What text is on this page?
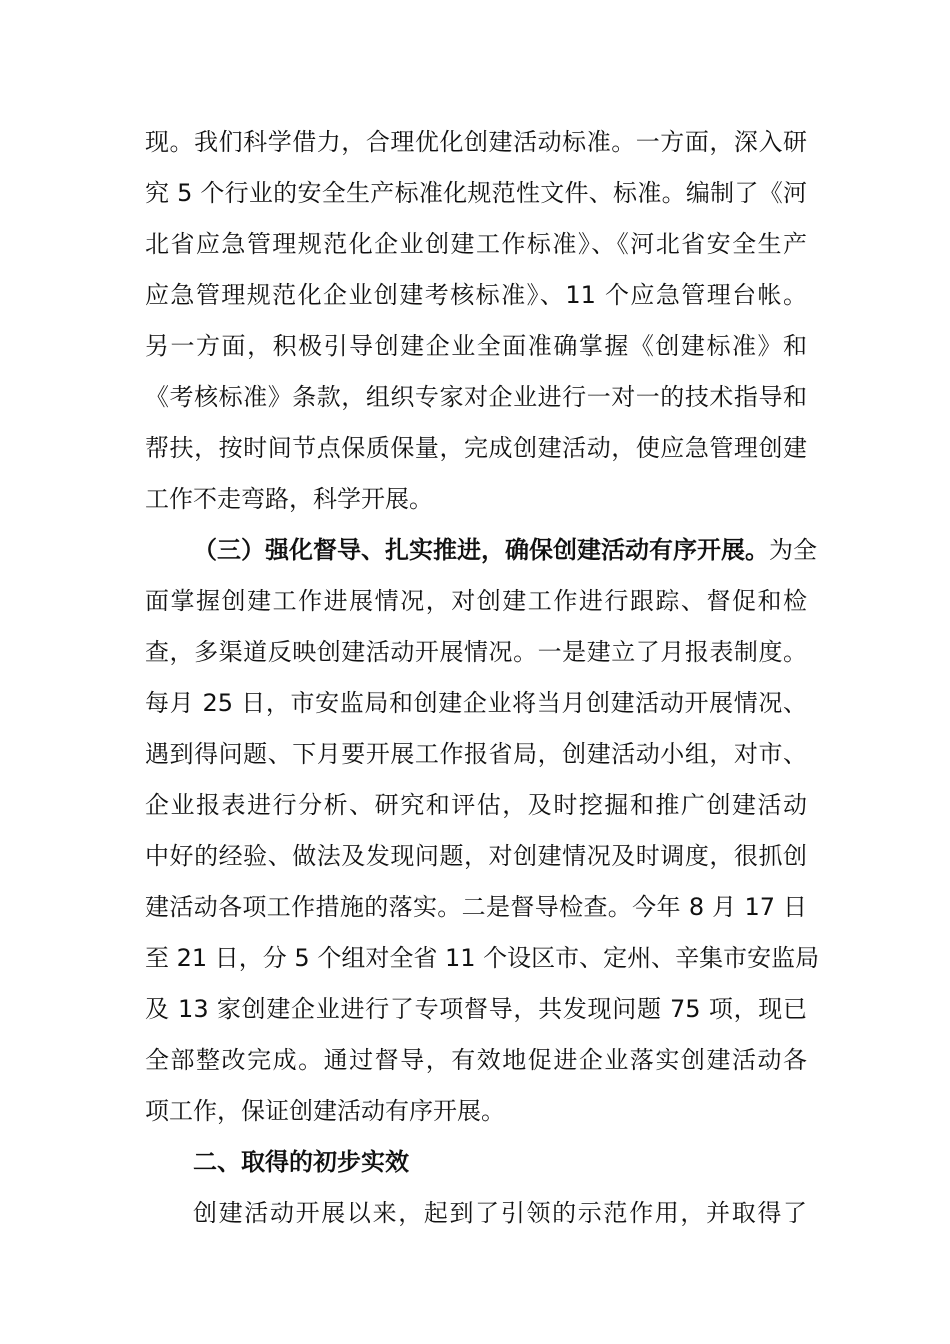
现。我们科学借力，合理优化创建活动标准。一方面，深入研
究 5 个行业的安全生产标准化规范性文件、标准。编制了《河
北省应急管理规范化企业创建工作标准》、《河北省安全生产
应急管理规范化企业创建考核标准》、11 个应急管理台帐。
另一方面，积极引导创建企业全面准确掌握《创建标准》和
《考核标准》条款，组织专家对企业进行一对一的技术指导和
帮扶，按时间节点保质保量，完成创建活动，使应急管理创建
工作不走弯路，科学开展。
（三）强化督导、扎实推进，确保创建活动有序开展。为全
面掌握创建工作进展情况，对创建工作进行跟踪、督促和检
查，多渠道反映创建活动开展情况。一是建立了月报表制度。
每月 25 日，市安监局和创建企业将当月创建活动开展情况、
遇到得问题、下月要开展工作报省局，创建活动小组，对市、
企业报表进行分析、研究和评估，及时挖掘和推广创建活动
中好的经验、做法及发现问题，对创建情况及时调度，很抓创
建活动各项工作措施的落实。二是督导检查。今年 8 月 17 日
至 21 日，分 5 个组对全省 11 个设区市、定州、辛集市安监局
及 13 家创建企业进行了专项督导，共发现问题 75 项，现已
全部整改完成。通过督导，有效地促进企业落实创建活动各
项工作，保证创建活动有序开展。
二、取得的初步实效
创建活动开展以来，起到了引领的示范作用，并取得了
